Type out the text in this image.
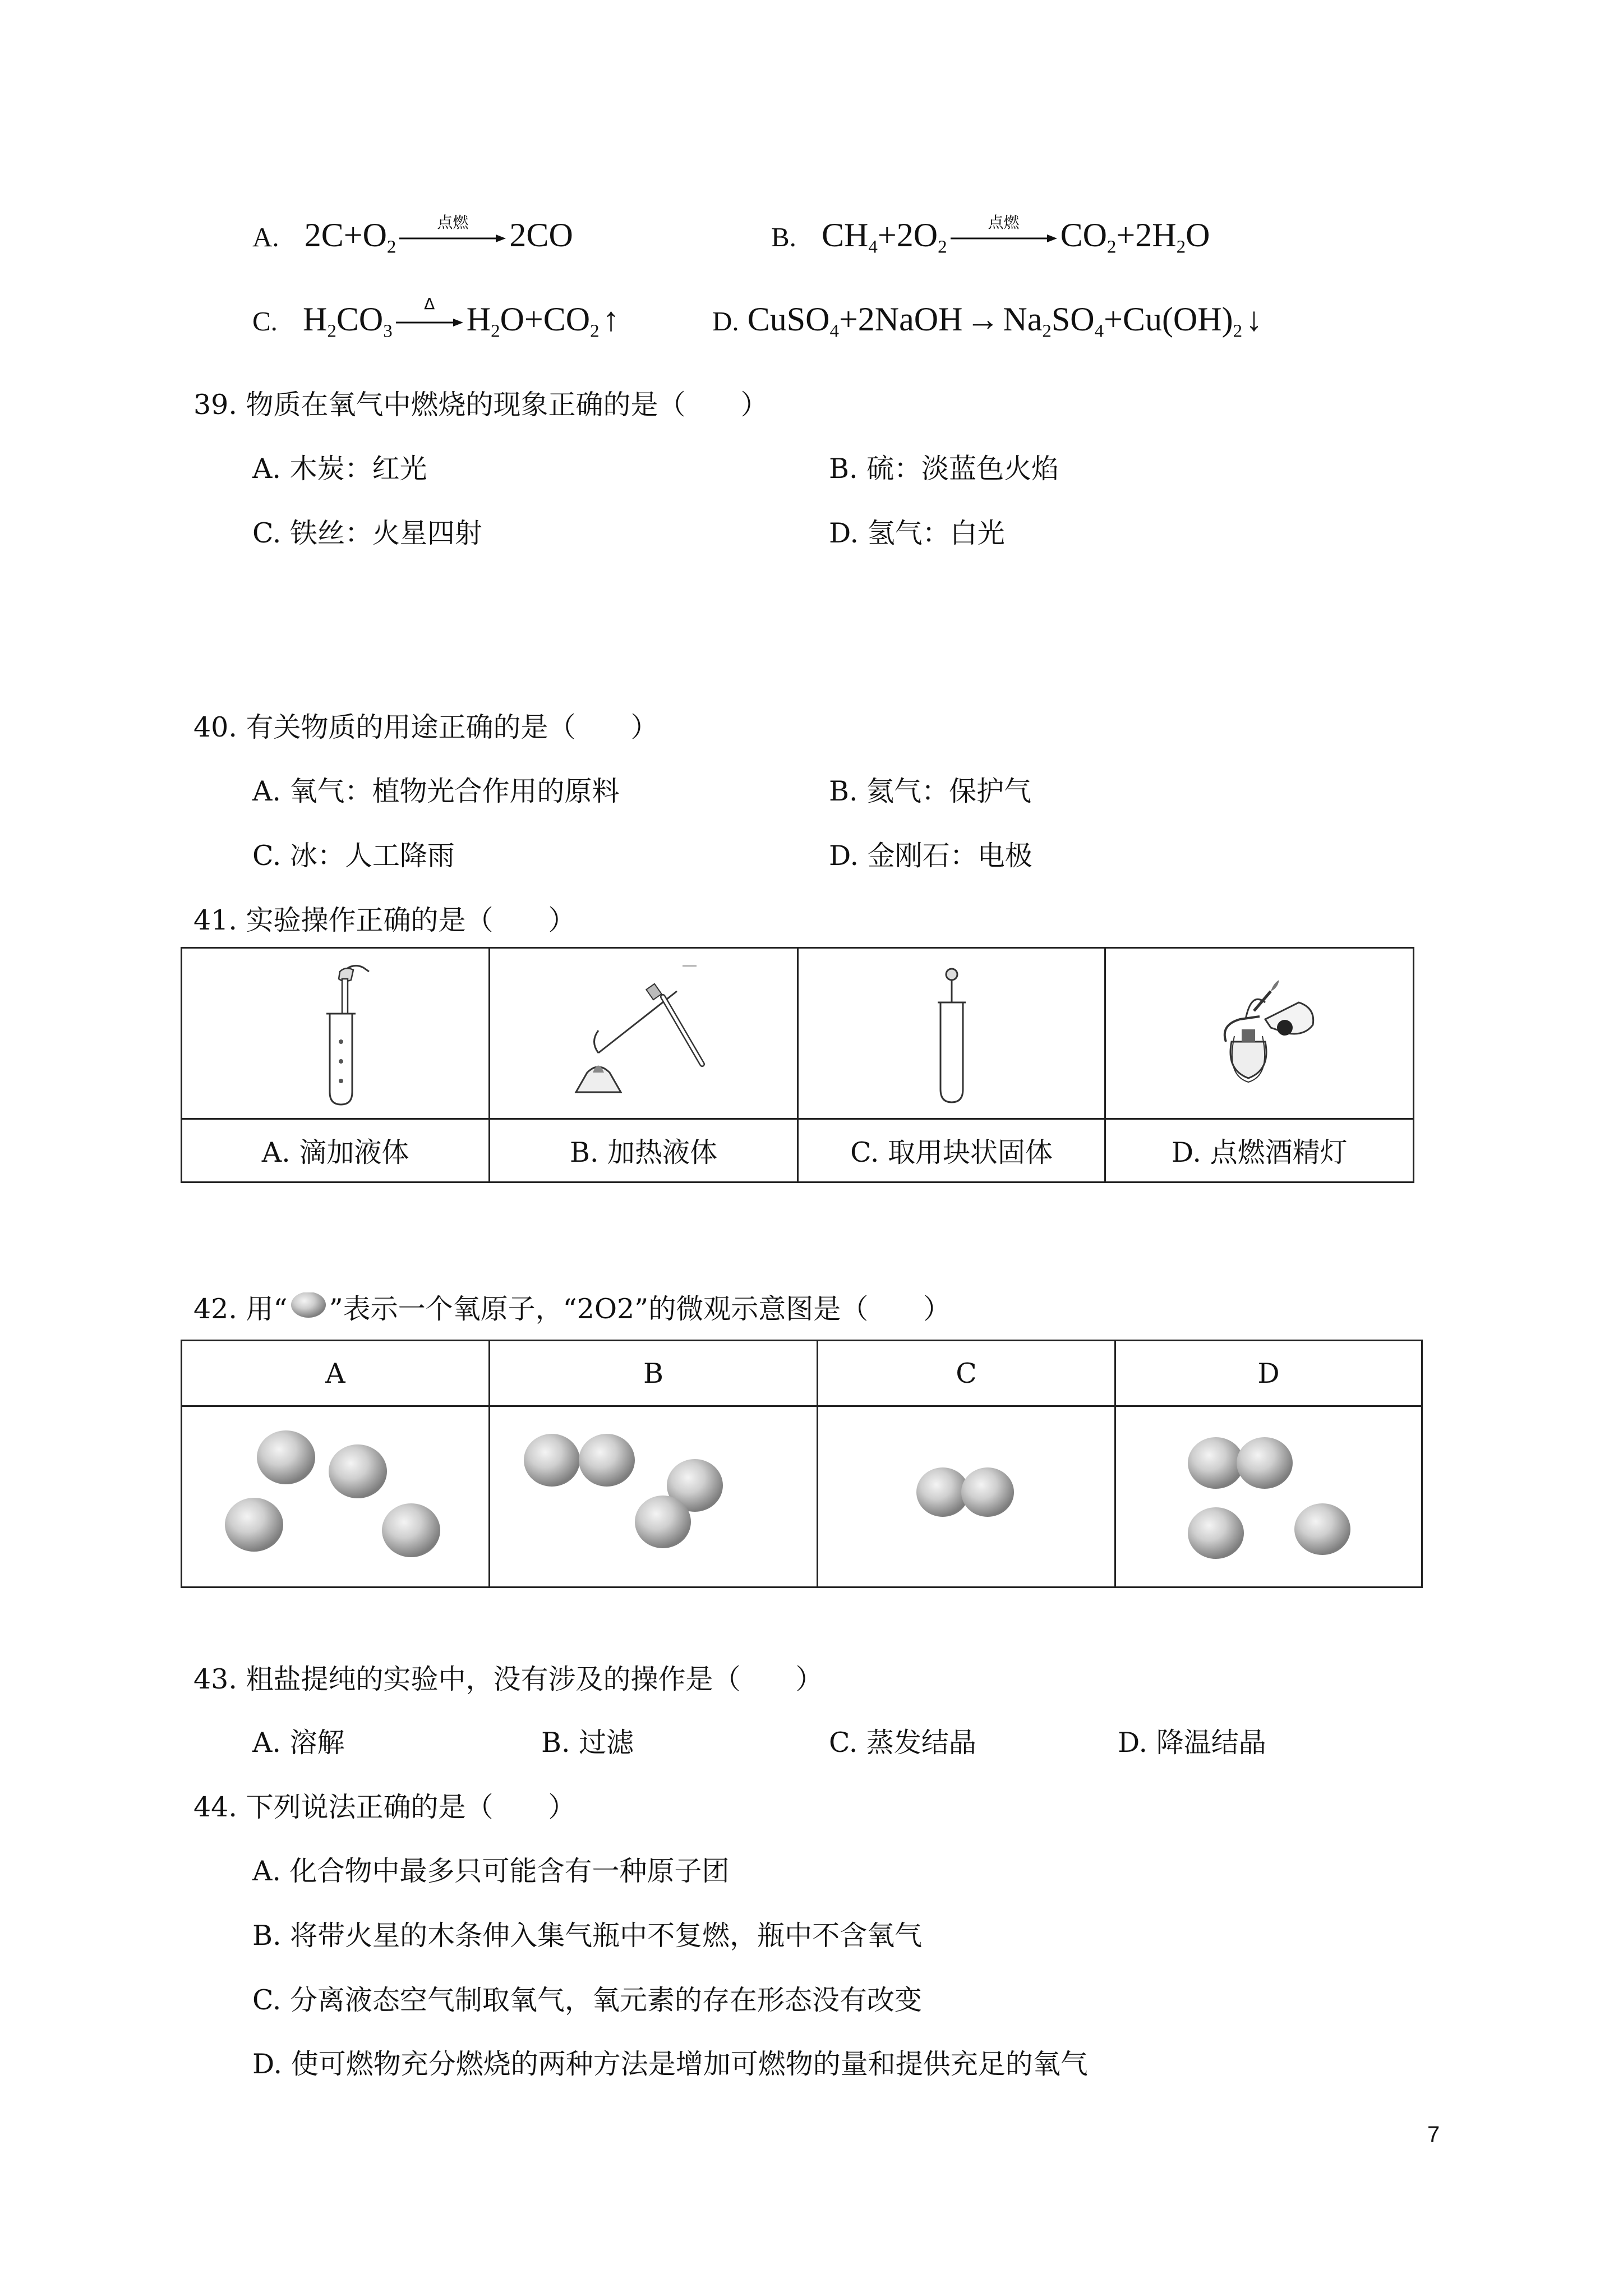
A. $2C+O_2$
点燃	2CO	B. $CH_4+2O_2$
点燃	$CO_2+2H_2O$
C. $H_2CO_3$
Δ $H_2O+CO_2$ ↑	D. CuSO$_4$+2NaOH → $Na_2SO_4+Cu(OH)_2$ ↓
39. 物质在氧气中燃烧的现象正确的是（　　）
A. 木炭：红光	B. 硫：淡蓝色火焰
C. 铁丝：火星四射	D. 氢气：白光
40. 有关物质的用途正确的是（　　）
A. 氧气：植物光合作用的原料	B. 氦气：保护气
C. 冰：人工降雨	D. 金刚石：电极
41. 实验操作正确的是（　　）

A. 滴加液体	B. 加热液体	C. 取用块状固体	D. 点燃酒精灯
42. 用“ ”表示一个氧原子，“2O2”的微观示意图是（　　）
A	B	C	D

43. 粗盐提纯的实验中，没有涉及的操作是（　　）
A. 溶解	B. 过滤	C. 蒸发结晶	D. 降温结晶
44. 下列说法正确的是（　　）
A. 化合物中最多只可能含有一种原子团
B. 将带火星的木条伸入集气瓶中不复燃，瓶中不含氧气
C. 分离液态空气制取氧气，氧元素的存在形态没有改变
D. 使可燃物充分燃烧的两种方法是增加可燃物的量和提供充足的氧气
7
